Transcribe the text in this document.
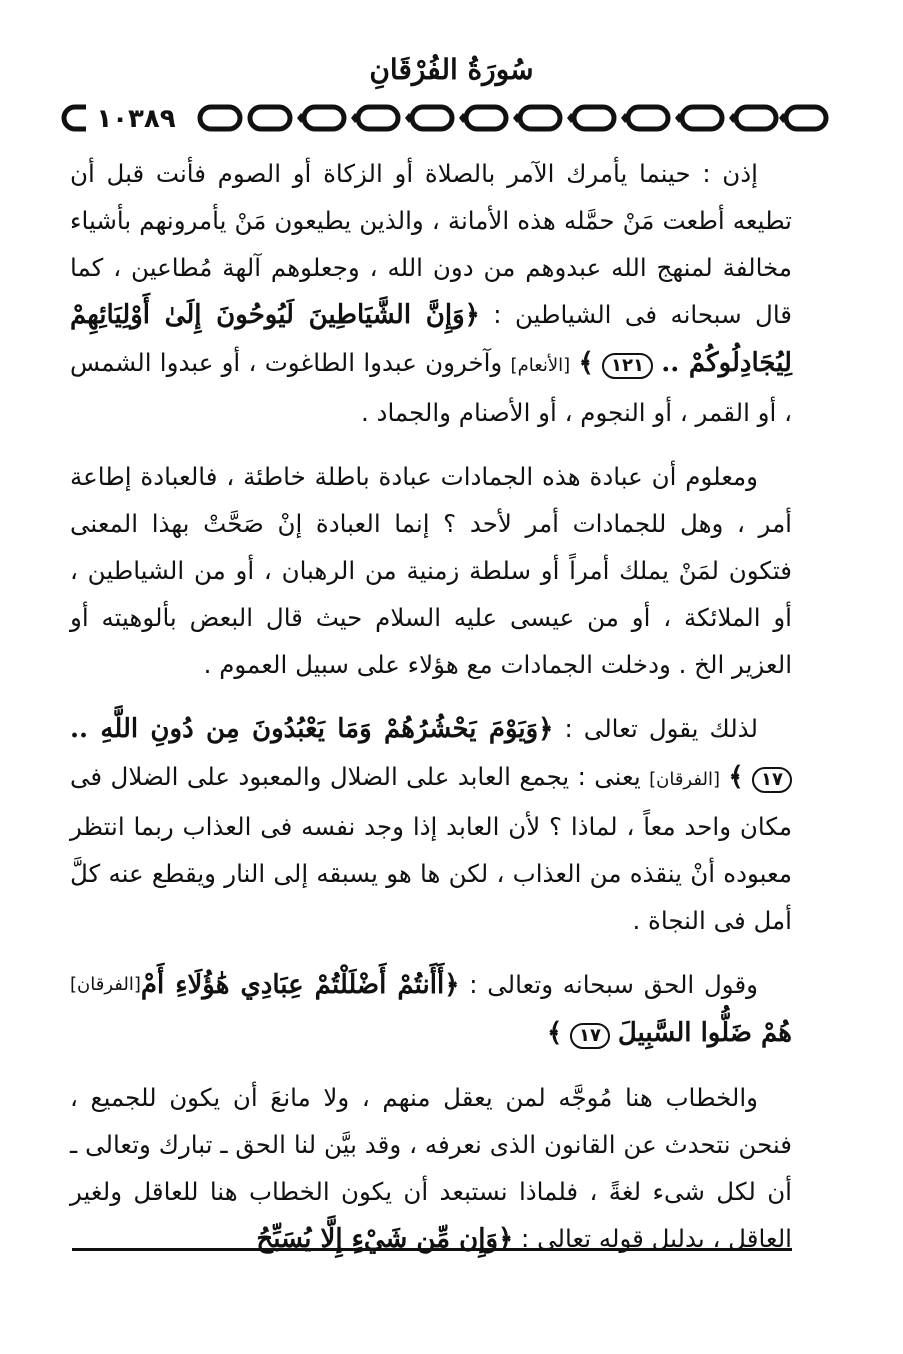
سُورَةُ الفُرْقَانِ
١٠٣٨٩

إذن : حينما يأمرك الآمر بالصلاة أو الزكاة أو الصوم فأنت قبل أن تطيعه أطعت مَنْ حمَّله هذه الأمانة ، والذين يطيعون مَنْ يأمرونهم بأشياء مخالفة لمنهج الله عبدوهم من دون الله ، وجعلوهم آلهة مُطاعين ، كما قال سبحانه فى الشياطين : ﴿وَإِنَّ الشَّيَاطِينَ لَيُوحُونَ إِلَىٰ أَوْلِيَائِهِمْ لِيُجَادِلُوكُمْ .. ١٢١ ﴾ [الأنعام] وآخرون عبدوا الطاغوت ، أو عبدوا الشمس ، أو القمر ، أو النجوم ، أو الأصنام والجماد .

ومعلوم أن عبادة هذه الجمادات عبادة باطلة خاطئة ، فالعبادة إطاعة أمر ، وهل للجمادات أمر لأحد ؟ إنما العبادة إنْ صَحَّتْ بهذا المعنى فتكون لمَنْ يملك أمراً أو سلطة زمنية من الرهبان ، أو من الشياطين ، أو الملائكة ، أو من عيسى عليه السلام حيث قال البعض بألوهيته أو العزير الخ . ودخلت الجمادات مع هؤلاء على سبيل العموم .

لذلك يقول تعالى : ﴿وَيَوْمَ يَحْشُرُهُمْ وَمَا يَعْبُدُونَ مِن دُونِ اللَّهِ .. ١٧ ﴾ [الفرقان] يعنى : يجمع العابد على الضلال والمعبود على الضلال فى مكان واحد معاً ، لماذا ؟ لأن العابد إذا وجد نفسه فى العذاب ربما انتظر معبوده أنْ ينقذه من العذاب ، لكن ها هو يسبقه إلى النار ويقطع عنه كلَّ أمل فى النجاة .

[الفرقان]	وقول الحق سبحانه وتعالى : ﴿أَأَنتُمْ أَضْلَلْتُمْ عِبَادِي هَٰؤُلَاءِ أَمْ هُمْ ضَلُّوا السَّبِيلَ ١٧ ﴾

والخطاب هنا مُوجَّه لمن يعقل منهم ، ولا مانعَ أن يكون للجميع ، فنحن نتحدث عن القانون الذى نعرفه ، وقد بيَّن لنا الحق ـ تبارك وتعالى ـ أن لكل شىء لغةً ، فلماذا نستبعد أن يكون الخطاب هنا للعاقل ولغير العاقل ، بدليل قوله تعالى : ﴿وَإِن مِّن شَيْءٍ إِلَّا يُسَبِّحُ
